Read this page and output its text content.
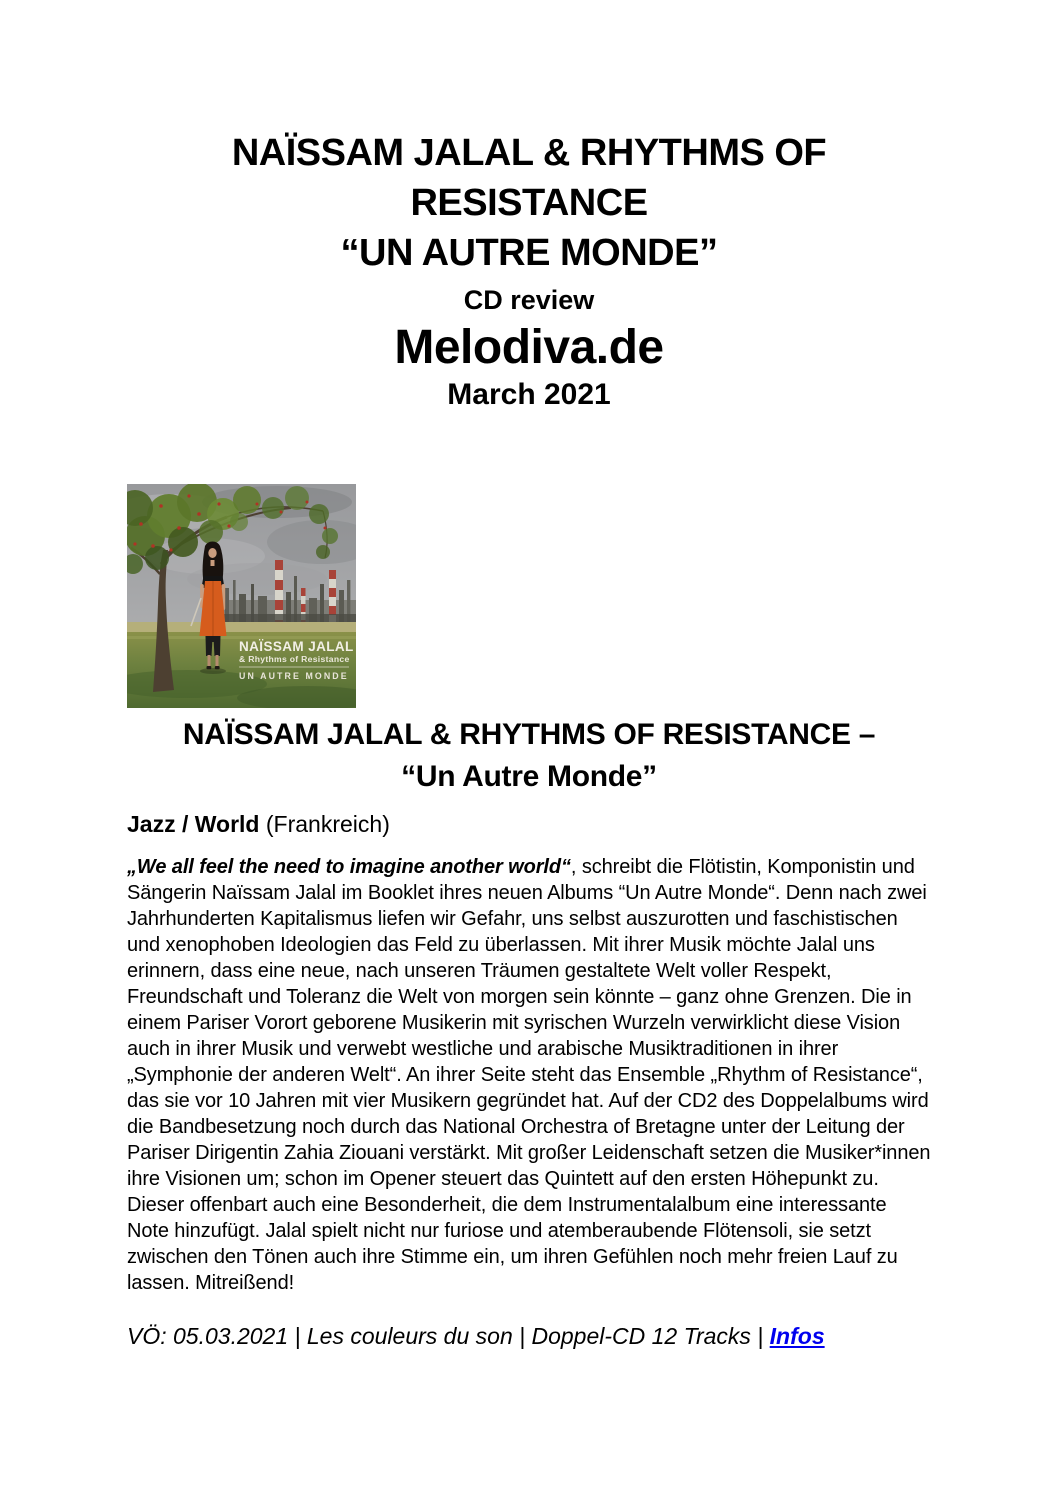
NAÏSSAM JALAL & RHYTHMS OF
RESISTANCE
“UN AUTRE MONDE”
CD review
Melodiva.de
March 2021
NAÏSSAM JALAL
& Rhythms of Resistance
UN AUTRE MONDE
NAÏSSAM JALAL & RHYTHMS OF RESISTANCE –
“Un Autre Monde”

Jazz / World (Frankreich)

„We all feel the need to imagine another world“, schreibt die Flötistin, Komponistin und Sängerin Naïssam Jalal im Booklet ihres neuen Albums “Un Autre Monde“. Denn nach zwei Jahrhunderten Kapitalismus liefen wir Gefahr, uns selbst auszurotten und faschistischen und xenophoben Ideologien das Feld zu überlassen. Mit ihrer Musik möchte Jalal uns erinnern, dass eine neue, nach unseren Träumen gestaltete Welt voller Respekt, Freundschaft und Toleranz die Welt von morgen sein könnte – ganz ohne Grenzen. Die in einem Pariser Vorort geborene Musikerin mit syrischen Wurzeln verwirklicht diese Vision auch in ihrer Musik und verwebt westliche und arabische Musiktraditionen in ihrer „Symphonie der anderen Welt“. An ihrer Seite steht das Ensemble „Rhythm of Resistance“, das sie vor 10 Jahren mit vier Musikern gegründet hat. Auf der CD2 des Doppelalbums wird die Bandbesetzung noch durch das National Orchestra of Bretagne unter der Leitung der Pariser Dirigentin Zahia Ziouani verstärkt. Mit großer Leidenschaft setzen die Musiker*innen ihre Visionen um; schon im Opener steuert das Quintett auf den ersten Höhepunkt zu. Dieser offenbart auch eine Besonderheit, die dem Instrumentalalbum eine interessante Note hinzufügt. Jalal spielt nicht nur furiose und atemberaubende Flötensoli, sie setzt zwischen den Tönen auch ihre Stimme ein, um ihren Gefühlen noch mehr freien Lauf zu lassen. Mitreißend!

VÖ: 05.03.2021 | Les couleurs du son | Doppel-CD 12 Tracks | Infos
